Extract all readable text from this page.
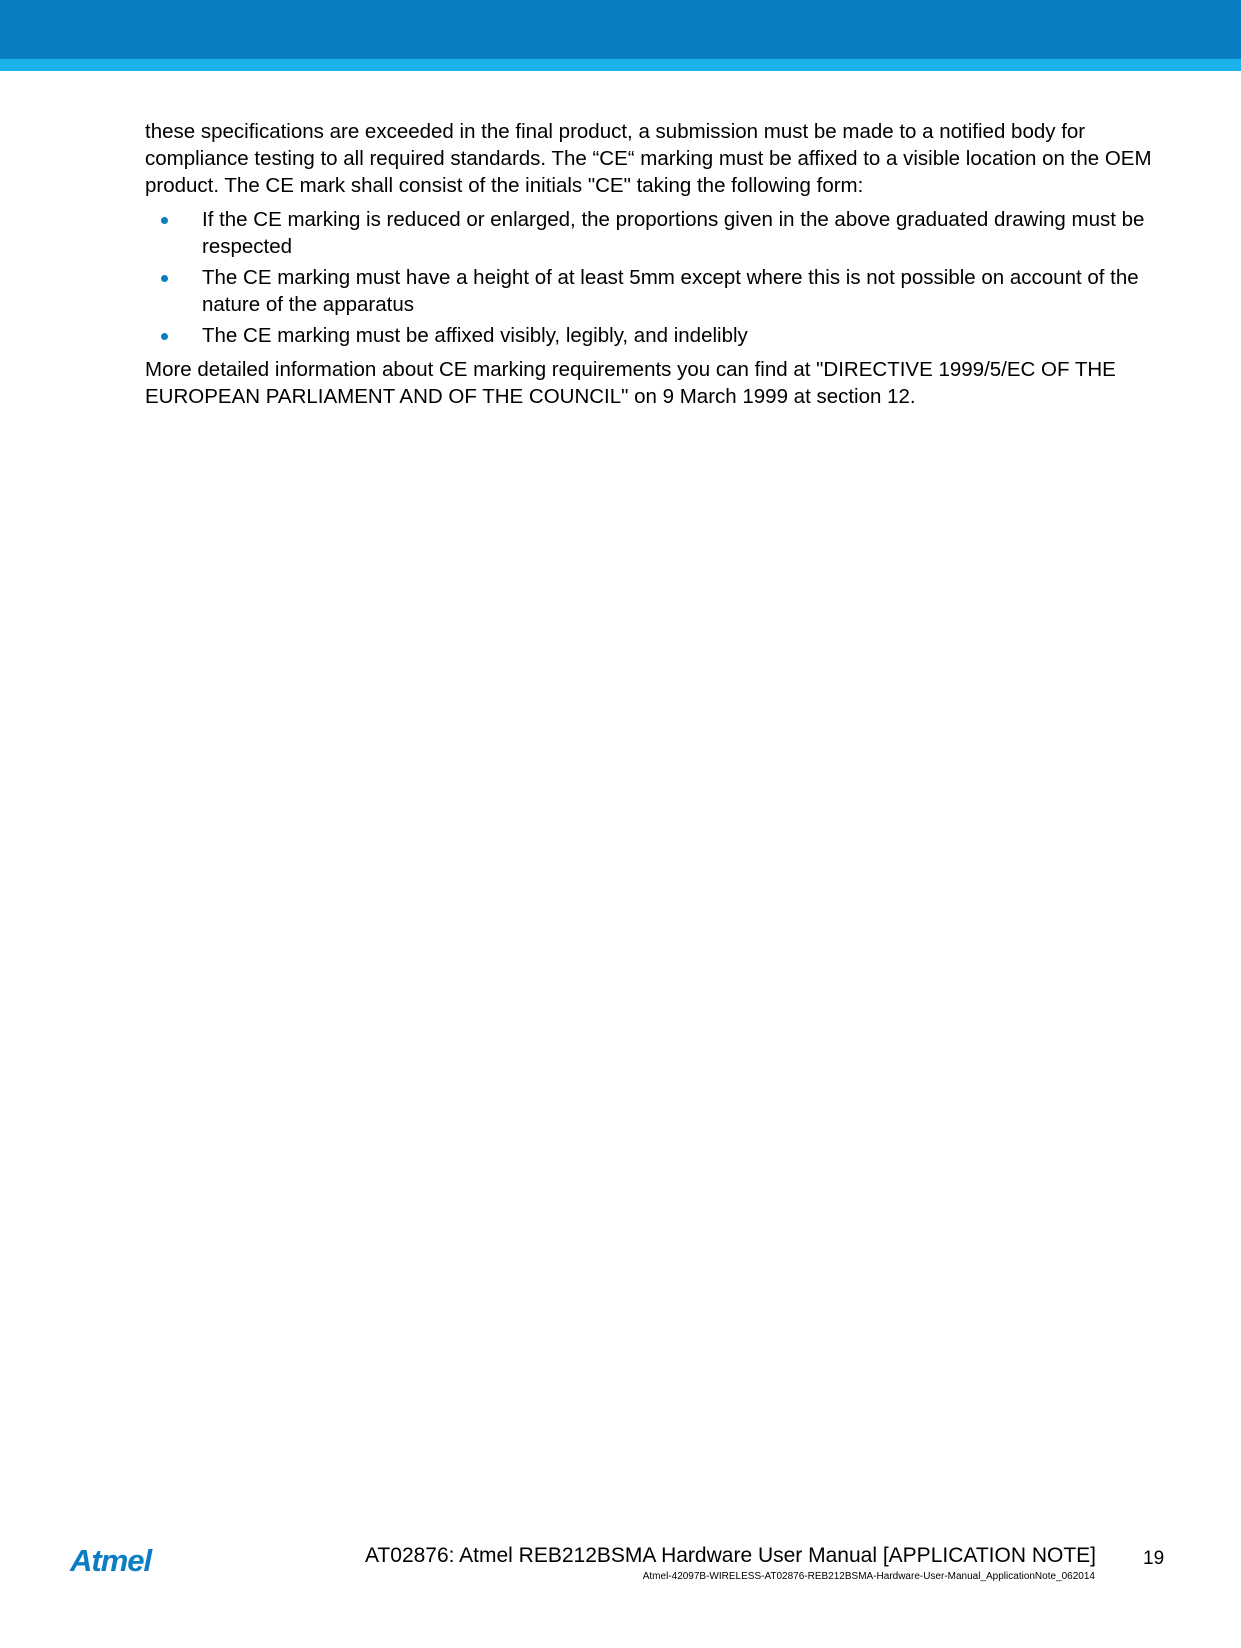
these specifications are exceeded in the final product, a submission must be made to a notified body for compliance testing to all required standards. The “CE“ marking must be affixed to a visible location on the OEM product. The CE mark shall consist of the initials "CE" taking the following form:

If the CE marking is reduced or enlarged, the proportions given in the above graduated drawing must be respected
The CE marking must have a height of at least 5mm except where this is not possible on account of the nature of the apparatus
The CE marking must be affixed visibly, legibly, and indelibly

More detailed information about CE marking requirements you can find at "DIRECTIVE 1999/5/EC OF THE EUROPEAN PARLIAMENT AND OF THE COUNCIL" on 9 March 1999 at section 12.

Atmel	AT02876: Atmel REB212BSMA Hardware User Manual [APPLICATION NOTE]
Atmel-42097B-WIRELESS-AT02876-REB212BSMA-Hardware-User-Manual_ApplicationNote_062014
19
